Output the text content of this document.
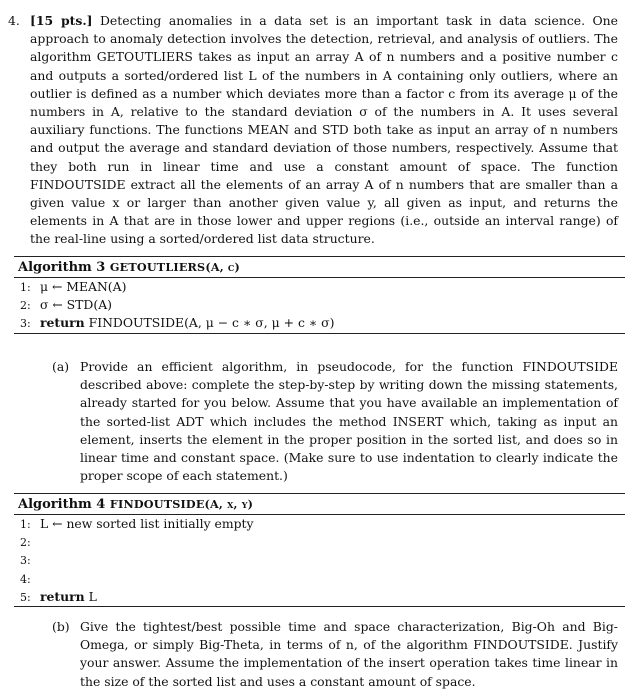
4. [15 pts.] Detecting anomalies in a data set is an important task in data science. One approach to anomaly detection involves the detection, retrieval, and analysis of outliers. The algorithm GETOUTLIERS takes as input an array A of n numbers and a positive number c and outputs a sorted/ordered list L of the numbers in A containing only outliers, where an outlier is defined as a number which deviates more than a factor c from its average μ of the numbers in A, relative to the standard deviation σ of the numbers in A. It uses several auxiliary functions. The functions MEAN and STD both take as input an array of n numbers and output the average and standard deviation of those numbers, respectively. Assume that they both run in linear time and use a constant amount of space. The function FINDOUTSIDE extract all the elements of an array A of n numbers that are smaller than a given value x or larger than another given value y, all given as input, and returns the elements in A that are in those lower and upper regions (i.e., outside an interval range) of the real-line using a sorted/ordered list data structure.
Algorithm 3 GETOUTLIERS(A, c)
1: μ ← MEAN(A)
2: σ ← STD(A)
3: return FINDOUTSIDE(A, μ − c ∗ σ, μ + c ∗ σ)
(a) Provide an efficient algorithm, in pseudocode, for the function FINDOUTSIDE described above: complete the step-by-step by writing down the missing statements, already started for you below. Assume that you have available an implementation of the sorted-list ADT which includes the method INSERT which, taking as input an element, inserts the element in the proper position in the sorted list, and does so in linear time and constant space. (Make sure to use indentation to clearly indicate the proper scope of each statement.)
Algorithm 4 FINDOUTSIDE(A, x, y)
1: L ← new sorted list initially empty
2:
3:
4:
5: return L
(b) Give the tightest/best possible time and space characterization, Big-Oh and Big-Omega, or simply Big-Theta, in terms of n, of the algorithm FINDOUTSIDE. Justify your answer. Assume the implementation of the insert operation takes time linear in the size of the sorted list and uses a constant amount of space.
